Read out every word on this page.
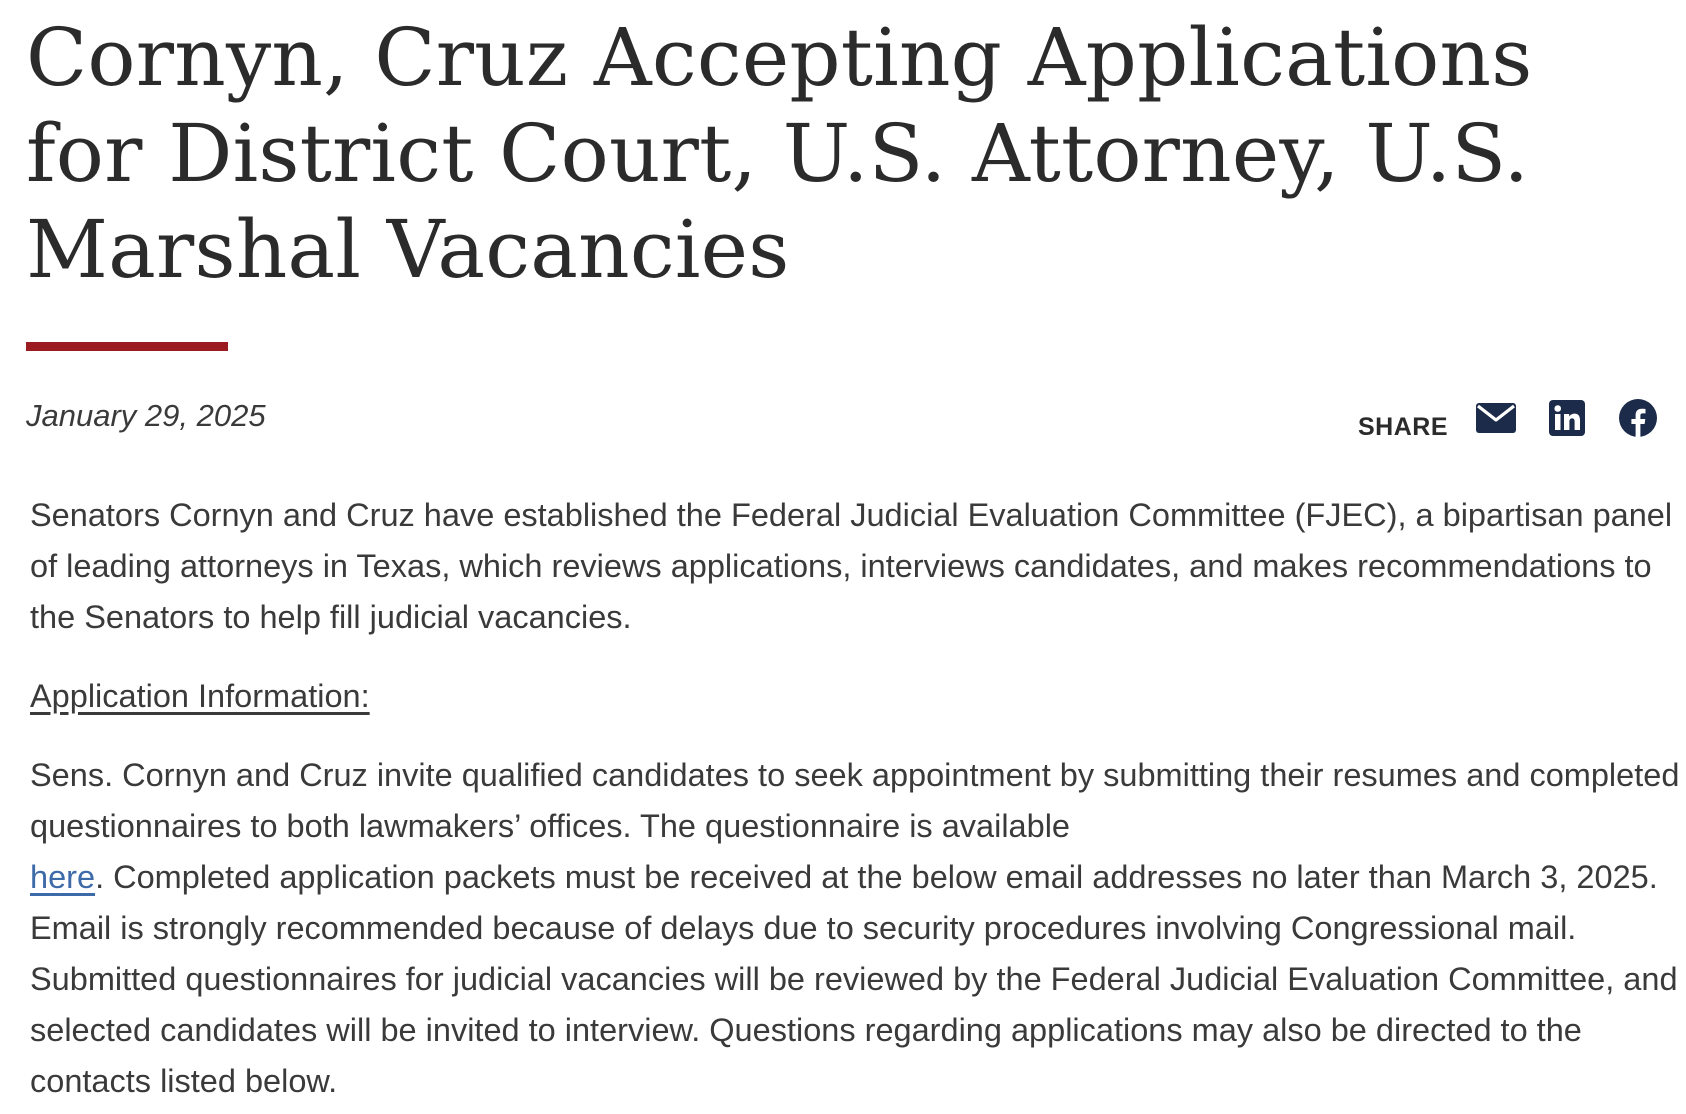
Cornyn, Cruz Accepting Applications for District Court, U.S. Attorney, U.S. Marshal Vacancies
January 29, 2025	SHARE

Senators Cornyn and Cruz have established the Federal Judicial Evaluation Committee (FJEC), a bipartisan panel of leading attorneys in Texas, which reviews applications, interviews candidates, and makes recommendations to the Senators to help fill judicial vacancies.

Application Information:

Sens. Cornyn and Cruz invite qualified candidates to seek appointment by submitting their resumes and completed questionnaires to both lawmakers’ offices. The questionnaire is available
here. Completed application packets must be received at the below email addresses no later than March 3, 2025. Email is strongly recommended because of delays due to security procedures involving Congressional mail. Submitted questionnaires for judicial vacancies will be reviewed by the Federal Judicial Evaluation Committee, and selected candidates will be invited to interview. Questions regarding applications may also be directed to the contacts listed below.
